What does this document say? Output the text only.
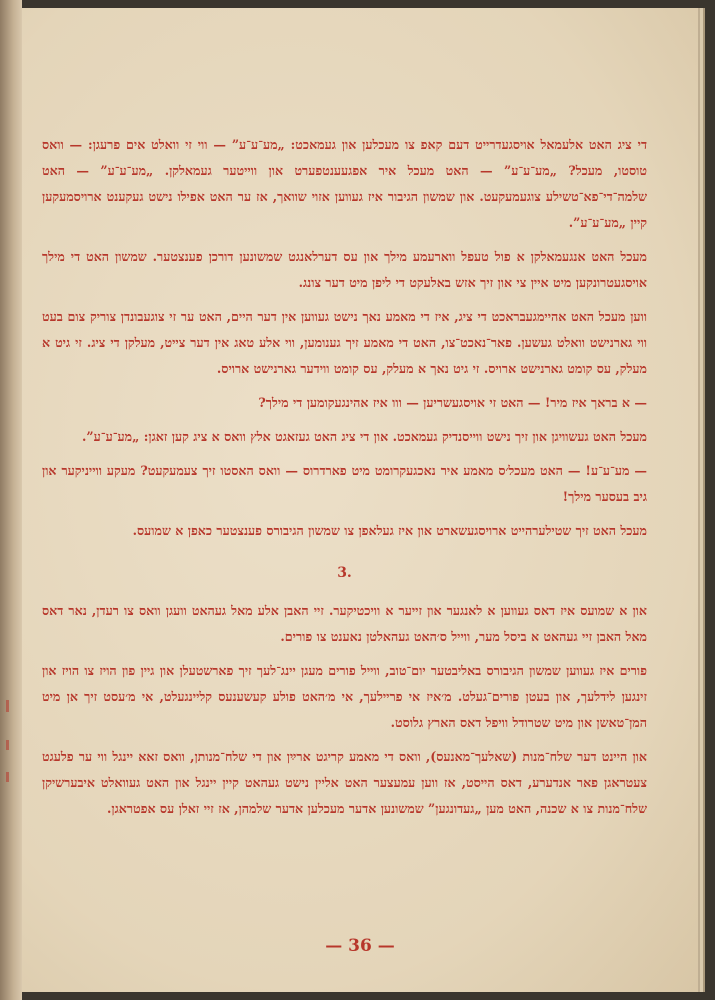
די ציג האט אלעמאל אויסגעדרייט דעם קאפ צו מעכלען און געמאכט: „מע־ע־ע” — ווי זי וואלט אים פרעגן: — וואס טוסטו, מעכל? „מע־ע־ע” — האט מעכל איר אפגעענטפערט און ווייטער געמאלקן. „מע־ע־ע” — האט שלמה־די־פא־טשילע צוגעמעקעט. און שמשון הגיבור איז געווען אזוי שוואך, אז ער האט אפילו נישט געקענט ארויסמעקען קיין „מע־ע־ע”.

מעכל האט אנגעמאלקן א פול טעפל ווארעמע מילך און עס דערלאנגט שמשונען דורכן פענצטער. שמשון האט די מילך אויסגעטרונקען מיט איין צי און זיך אזש באלעקט די ליפן מיט דער צונג.

ווען מעכל האט אהיימגעבראכט די ציג, איז די מאמע נאך נישט געווען אין דער היים, האט ער זי צוגעבונדן צוריק צום בעט ווי גארנישט וואלט געשען. פאר־נאכט־צו, האט די מאמע זיך גענומען, ווי אלע טאג אין דער צייט, מעלקן די ציג. זי גיט א מעלק, עס קומט גארנישט ארויס. זי גיט נאך א מעלק, עס קומט ווידער גארנישט ארויס.

— א בראך איז מיר! — האט זי אויסגעשריען — ווו איז אהינגעקומען די מילך?

מעכל האט געשוויגן און זיך נישט ווייסנדיק געמאכט. און די ציג האט געזאגט אלץ וואס א ציג קען זאגן: „מע־ע־ע”.

— מע־ע־ע! — האט מעכל׳ס מאמע איר נאכגעקרומט מיט פארדרוס — וואס האסטו זיך צעמעקעט? מעקע ווייניקער און גיב בעסער מילך!

מעכל האט זיך שטילערהייט ארויסגעשארט און איז געלאפן צו שמשון הגיבורס פענצטער כאפן א שמועס.

3.

און א שמועס איז דאס געווען א לאנגער און זייער א וויכטיקער. זיי האבן אלע מאל געהאט וועגן וואס צו רעדן, נאר דאס מאל האבן זיי געהאט א ביסל מער, ווייל ס׳האט געהאלטן נאענט צו פורים.

פורים איז געווען שמשון הגיבורס באליבטער יום־טוב, ווייל פורים מעגן יינג־לעך זיך פארשטעלן און גיין פון הויז צו הויז און זינגען לידלעך, און בעטן פורים־געלט. מ׳איז אי פריילעך, אי מ׳האט פולע קעשענעס קליינגעלט, אי מ׳עסט זיך אן מיט המן־טאשן און מיט שטרודל וויפל דאס הארץ גלוסט.

און היינט דער שלח־מנות (שאלעך־מאנעס), וואס די מאמע קריגט ארײַן און די שלח־מנותן, וואס זאא יינגל ווי ער פלעגט צעטראגן פאר אנדערע, דאס הייסט, אז ווען עמעצער האט אליין נישט געהאט קיין יינגל און האט געוואלט איבערשיקן שלח־מנות צו א שכנה, האט מען „געדונגען” שמשונען אדער מעכלען אדער שלמהן, אז זיי זאלן עס אפטראגן.

— 36 —
